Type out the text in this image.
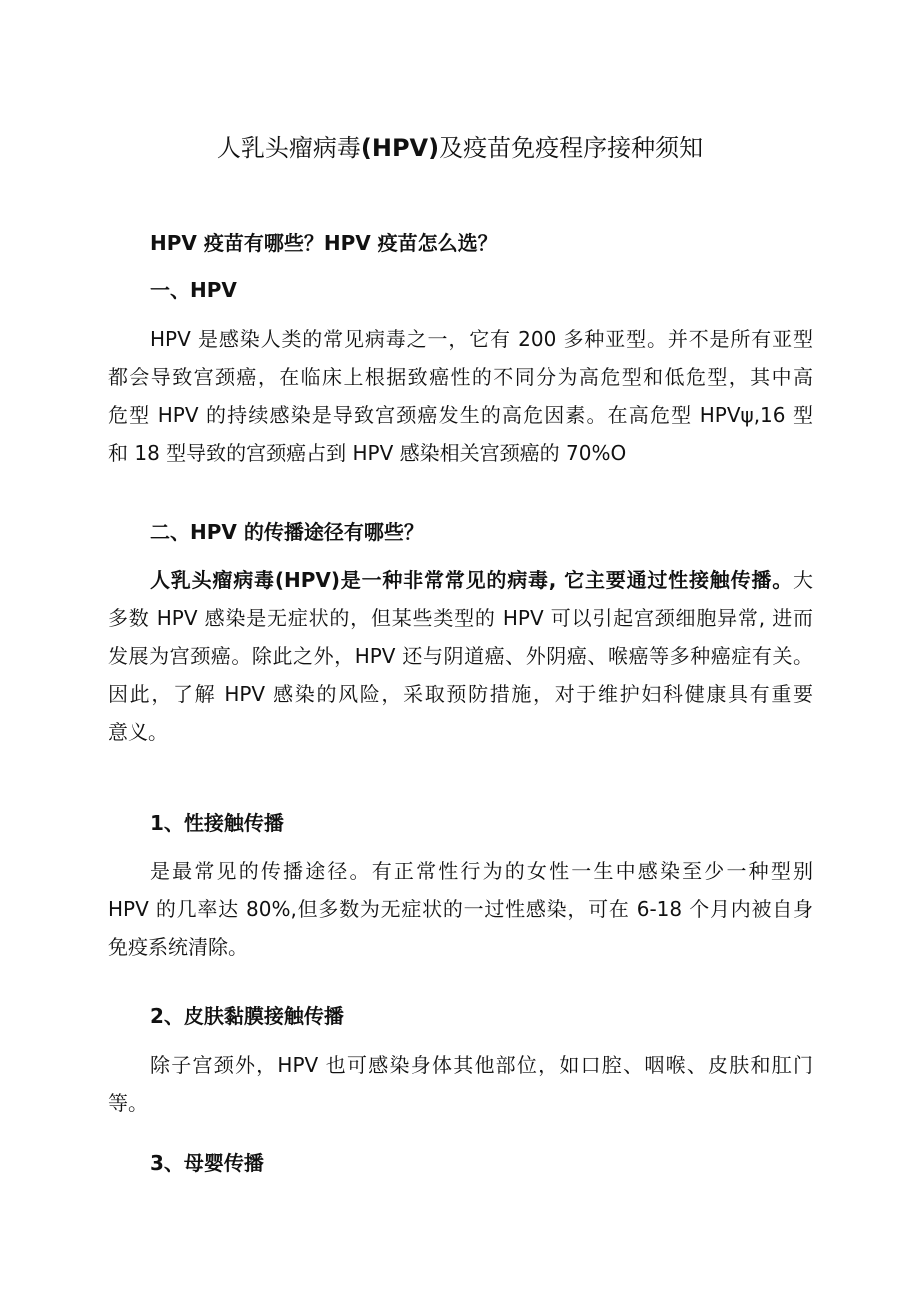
人乳头瘤病毒(HPV)及疫苗免疫程序接种须知
HPV 疫苗有哪些？HPV 疫苗怎么选？
一、HPV
HPV 是感染人类的常见病毒之一，它有 200 多种亚型。并不是所有亚型
都会导致宫颈癌，在临床上根据致癌性的不同分为高危型和低危型，其中高
危型 HPV 的持续感染是导致宫颈癌发生的高危因素。在高危型 HPVψ,16 型
和 18 型导致的宫颈癌占到 HPV 感染相关宫颈癌的 70%O
二、HPV 的传播途径有哪些？
人乳头瘤病毒(HPV)是一种非常常见的病毒, 它主要通过性接触传播。大
多数 HPV 感染是无症状的，但某些类型的 HPV 可以引起宫颈细胞异常, 进而
发展为宫颈癌。除此之外，HPV 还与阴道癌、外阴癌、喉癌等多种癌症有关。
因此，了解 HPV 感染的风险，采取预防措施，对于维护妇科健康具有重要
意义。
1、性接触传播
是最常见的传播途径。有正常性行为的女性一生中感染至少一种型别
HPV 的几率达 80%,但多数为无症状的一过性感染，可在 6-18 个月内被自身
免疫系统清除。
2、皮肤黏膜接触传播
除子宫颈外，HPV 也可感染身体其他部位，如口腔、咽喉、皮肤和肛门
等。
3、母婴传播
